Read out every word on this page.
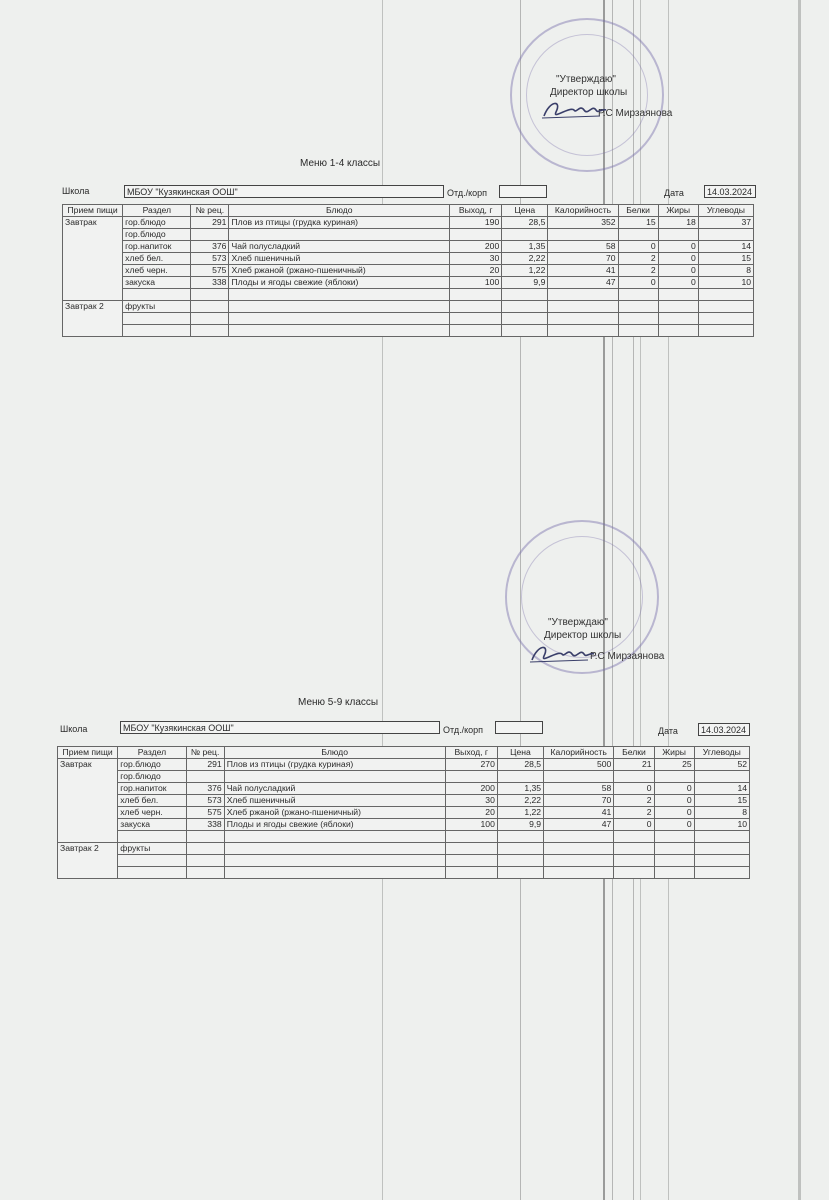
"Утверждаю"
Директор школы
Р.С Мирзаянова
Меню 1-4 классы
Школа	МБОУ "Кузякинская ООШ"	Отд./корп	Дата	14.03.2024
Прием пищи	Раздел	№ рец.	Блюдо	Выход, г	Цена	Калорийность	Белки	Жиры	Углеводы
Завтрак	гор.блюдо	291	Плов из птицы (грудка куриная)	190	28,5	352	15	18	37
	гор.блюдо								
	гор.напиток	376	Чай полусладкий	200	1,35	58	0	0	14
	хлеб бел.	573	Хлеб пшеничный	30	2,22	70	2	0	15
	хлеб черн.	575	Хлеб ржаной (ржано-пшеничный)	20	1,22	41	2	0	8
	закуска	338	Плоды и ягоды свежие (яблоки)	100	9,9	47	0	0	10

Завтрак 2	фрукты								

"Утверждаю"
Директор школы
Р.С Мирзаянова
Меню 5-9 классы
Школа	МБОУ "Кузякинская ООШ"	Отд./корп	Дата	14.03.2024
Прием пищи	Раздел	№ рец.	Блюдо	Выход, г	Цена	Калорийность	Белки	Жиры	Углеводы
Завтрак	гор.блюдо	291	Плов из птицы (грудка куриная)	270	28,5	500	21	25	52
	гор.блюдо								
	гор.напиток	376	Чай полусладкий	200	1,35	58	0	0	14
	хлеб бел.	573	Хлеб пшеничный	30	2,22	70	2	0	15
	хлеб черн.	575	Хлеб ржаной (ржано-пшеничный)	20	1,22	41	2	0	8
	закуска	338	Плоды и ягоды свежие (яблоки)	100	9,9	47	0	0	10

Завтрак 2	фрукты								
